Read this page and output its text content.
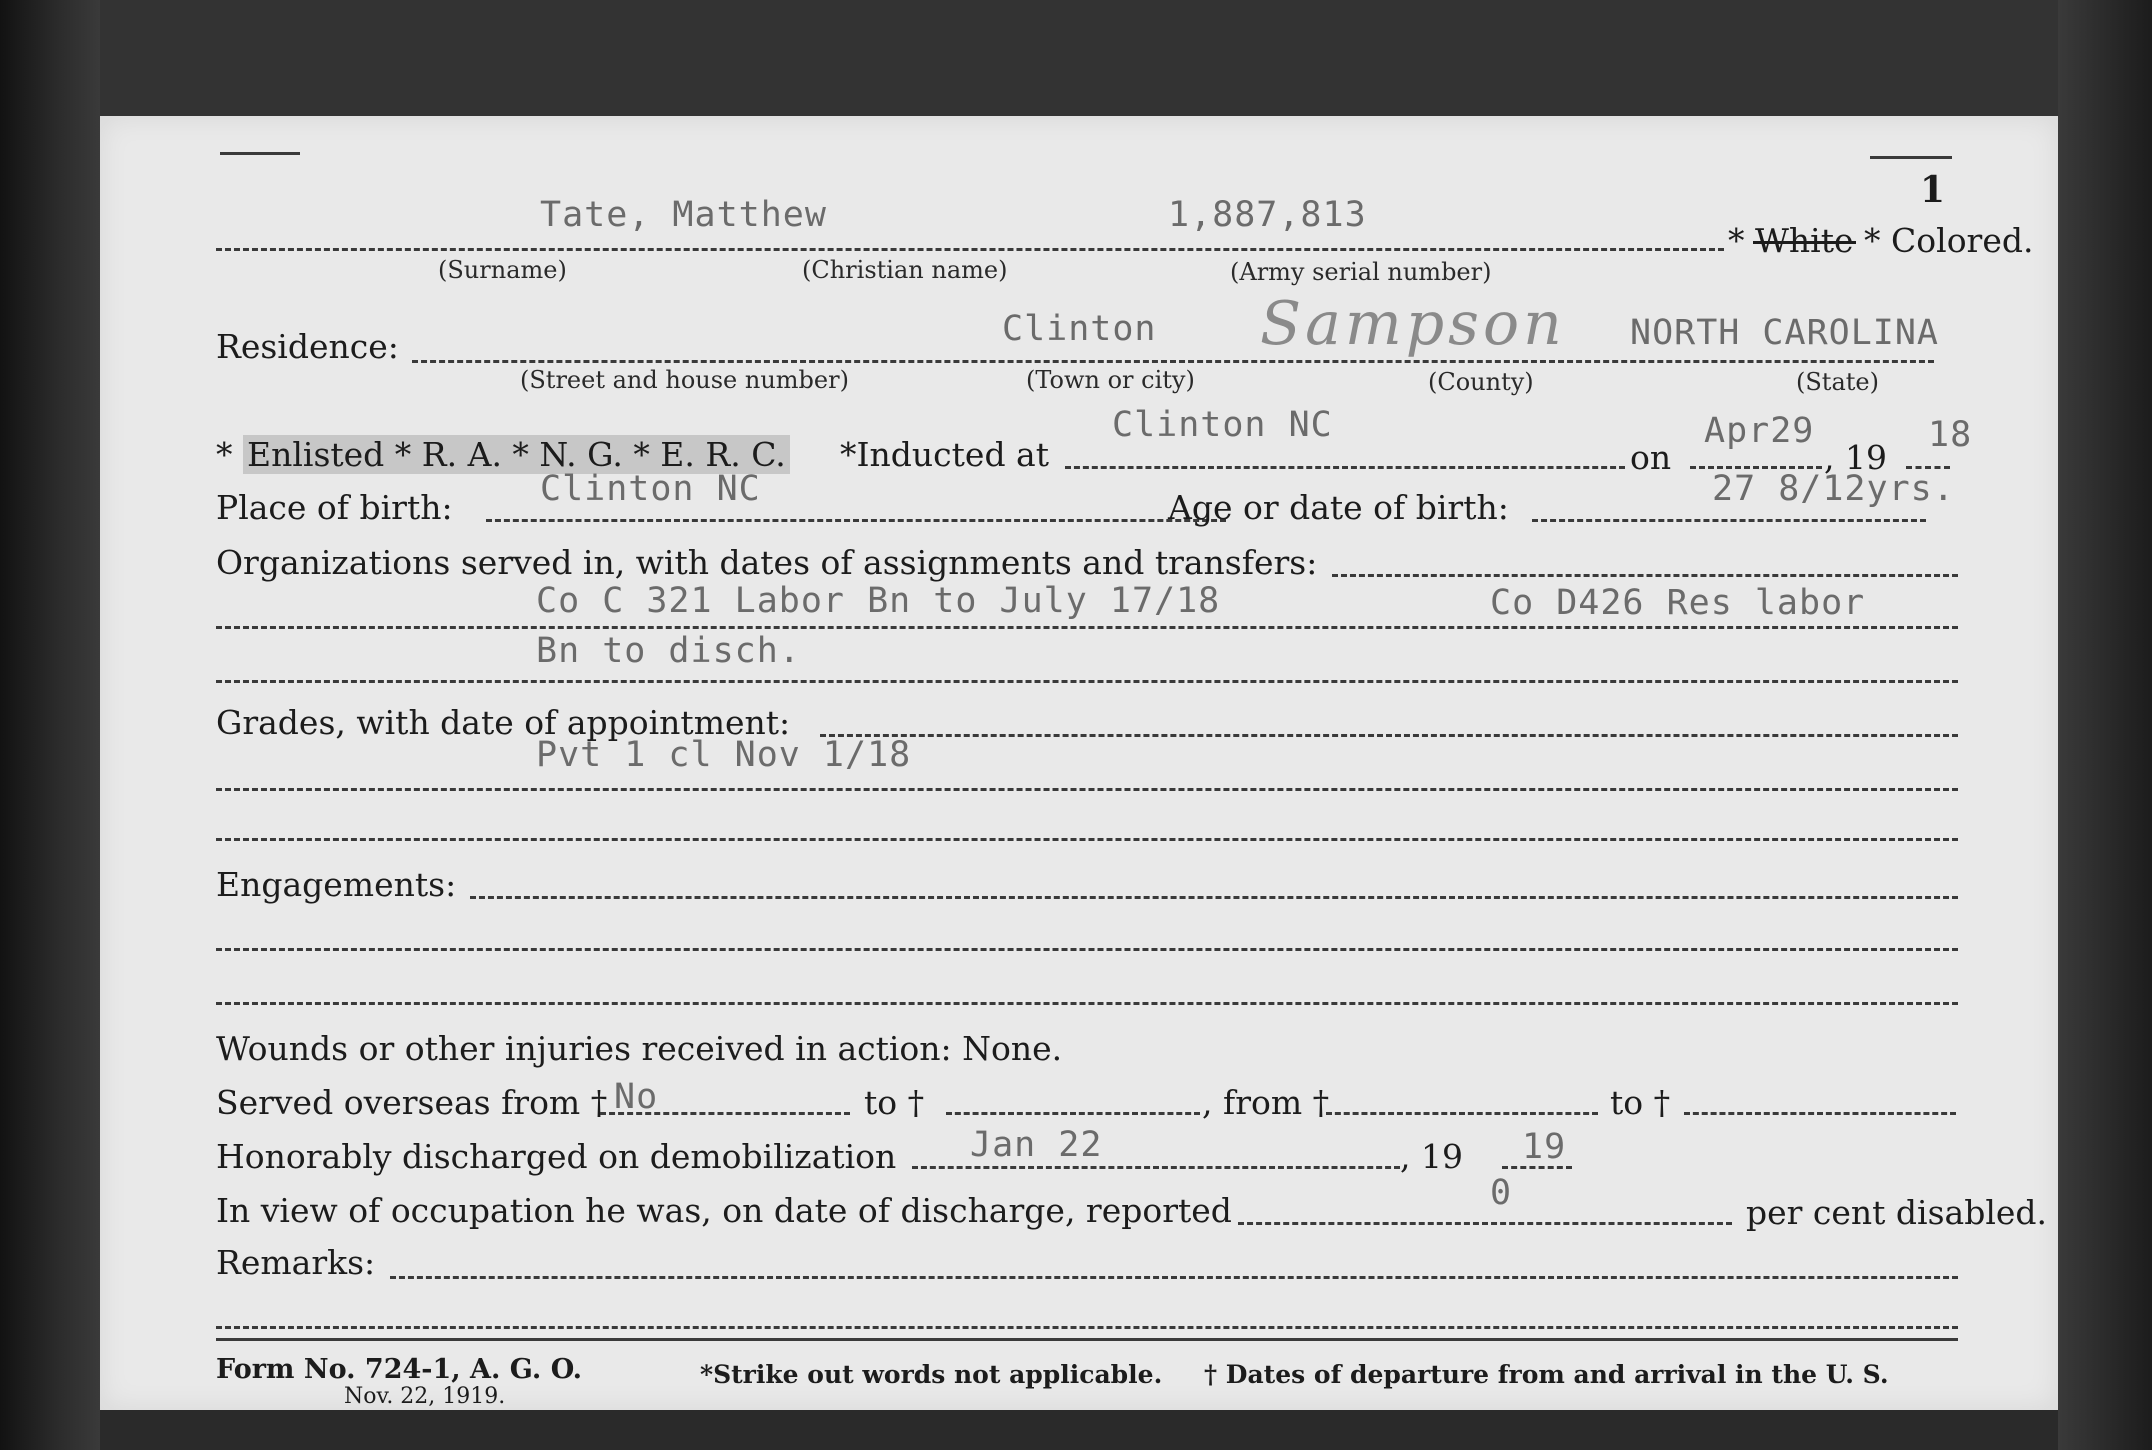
1
Tate, Matthew	1,887,813
* White * Colored.
(Surname)	(Christian name)	(Army serial number)
Residence:	Clinton Sampson NORTH CAROLINA
(Street and house number)	(Town or city)	(County)	(State)
* Enlisted * R. A. * N. G. * E. R. C. *Inducted at
Clinton NC
on
Apr29
, 19
18
Place of birth: Clinton NC	Age or date of birth:	27 8/12yrs.
Organizations served in, with dates of assignments and transfers:
Co C 321 Labor Bn to July 17/18	Co D426 Res labor
Bn to disch.
Grades, with date of appointment:
Pvt 1 cl Nov 1/18
Engagements:
Wounds or other injuries received in action: None.
Served overseas from † No	to †	, from †	to †
Honorably discharged on demobilization Jan 22	, 19 19
In view of occupation he was, on date of discharge, reported	0	per cent disabled.
Remarks:
Form No. 724-1, A. G. O.
Nov. 22, 1919.
*Strike out words not applicable. † Dates of departure from and arrival in the U. S.
